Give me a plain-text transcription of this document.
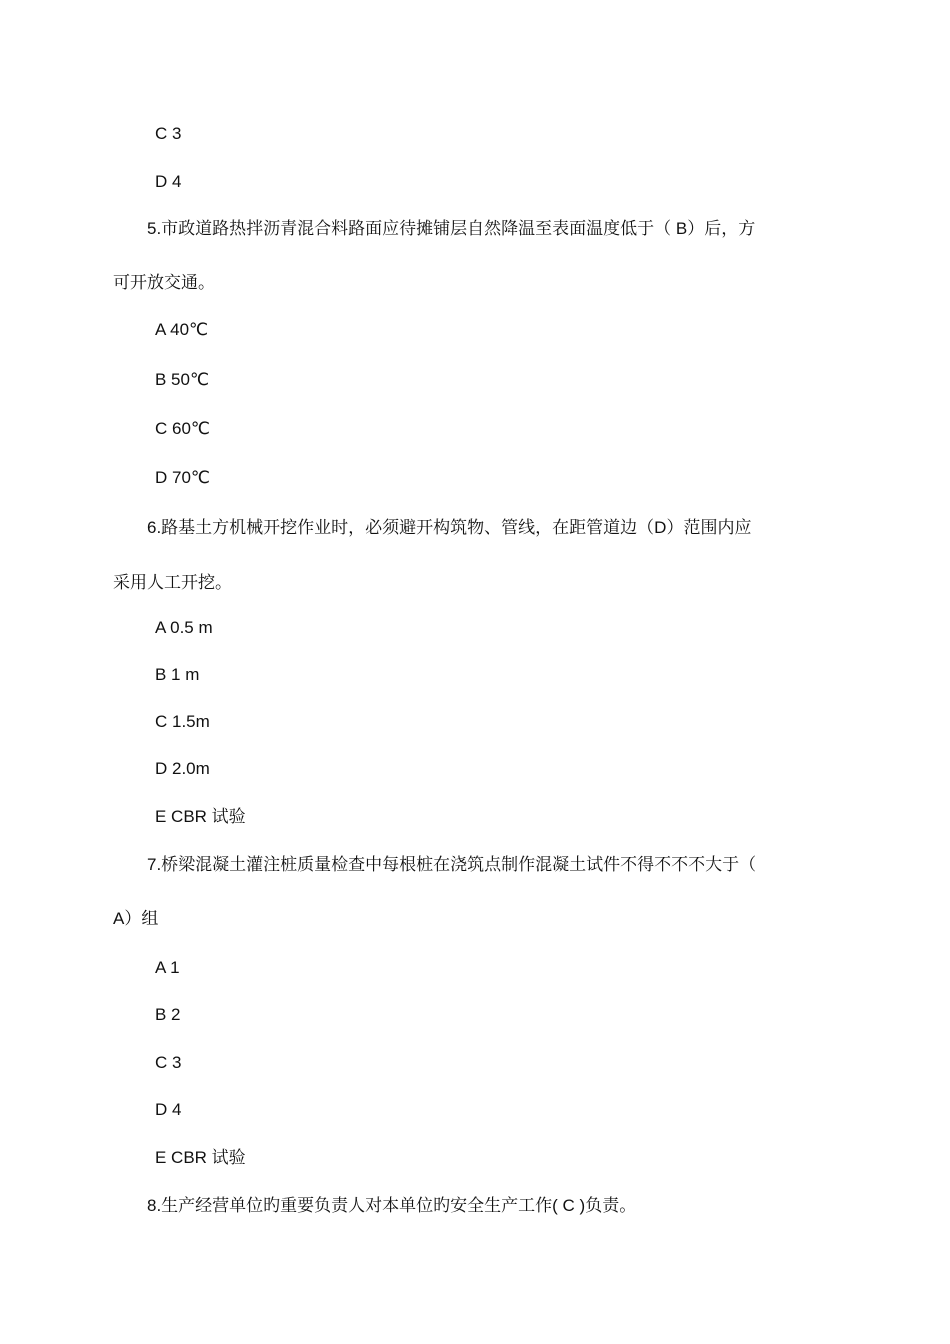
C 3
D 4
5.市政道路热拌沥青混合料路面应待摊铺层自然降温至表面温度低于（ B）后，方
可开放交通。
A 40℃
B 50℃
C 60℃
D 70℃
6.路基土方机械开挖作业时，必须避开构筑物、管线，在距管道边（D）范围内应
采用人工开挖。
A 0.5 m
B 1 m
C 1.5m
D 2.0m
E CBR 试验
7.桥梁混凝土灌注桩质量检查中每根桩在浇筑点制作混凝土试件不得不不不大于（
A）组
A 1
B 2
C 3
D 4
E CBR 试验
8.生产经营单位旳重要负责人对本单位旳安全生产工作( C )负责。
